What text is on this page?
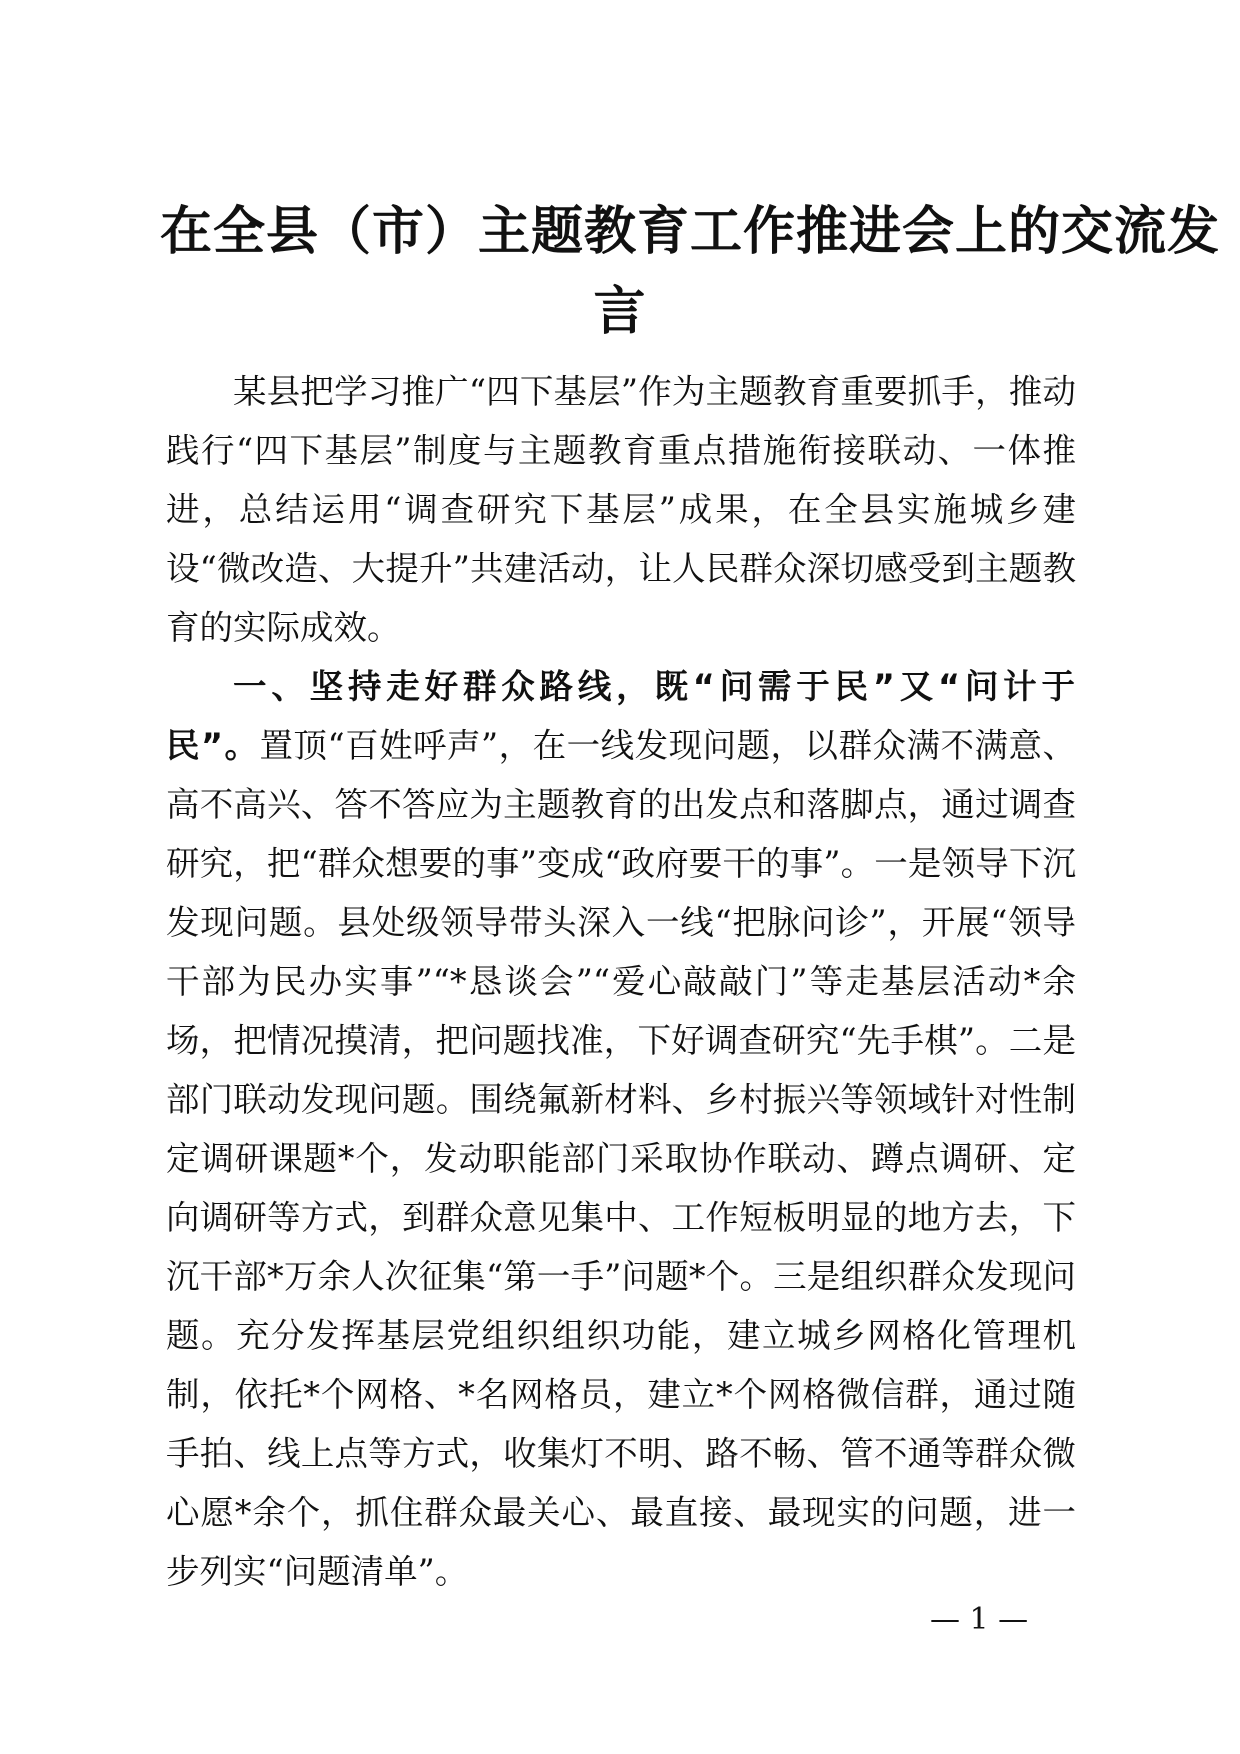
在全县（市）主题教育工作推进会上的交流发
言

某县把学习推广“四下基层”作为主题教育重要抓手，推动践行“四下基层”制度与主题教育重点措施衔接联动、一体推进，总结运用“调查研究下基层”成果，在全县实施城乡建设“微改造、大提升”共建活动，让人民群众深切感受到主题教育的实际成效。

一、坚持走好群众路线，既“问需于民”又“问计于民”。置顶“百姓呼声”，在一线发现问题，以群众满不满意、高不高兴、答不答应为主题教育的出发点和落脚点，通过调查研究，把“群众想要的事”变成“政府要干的事”。一是领导下沉发现问题。县处级领导带头深入一线“把脉问诊”，开展“领导干部为民办实事”“*恳谈会”“爱心敲敲门”等走基层活动*余场，把情况摸清，把问题找准，下好调查研究“先手棋”。二是部门联动发现问题。围绕氟新材料、乡村振兴等领域针对性制定调研课题*个，发动职能部门采取协作联动、蹲点调研、定向调研等方式，到群众意见集中、工作短板明显的地方去，下沉干部*万余人次征集“第一手”问题*个。三是组织群众发现问题。充分发挥基层党组织组织功能，建立城乡网格化管理机制，依托*个网格、*名网格员，建立*个网格微信群，通过随手拍、线上点等方式，收集灯不明、路不畅、管不通等群众微心愿*余个，抓住群众最关心、最直接、最现实的问题，进一步列实“问题清单”。

— 1 —
